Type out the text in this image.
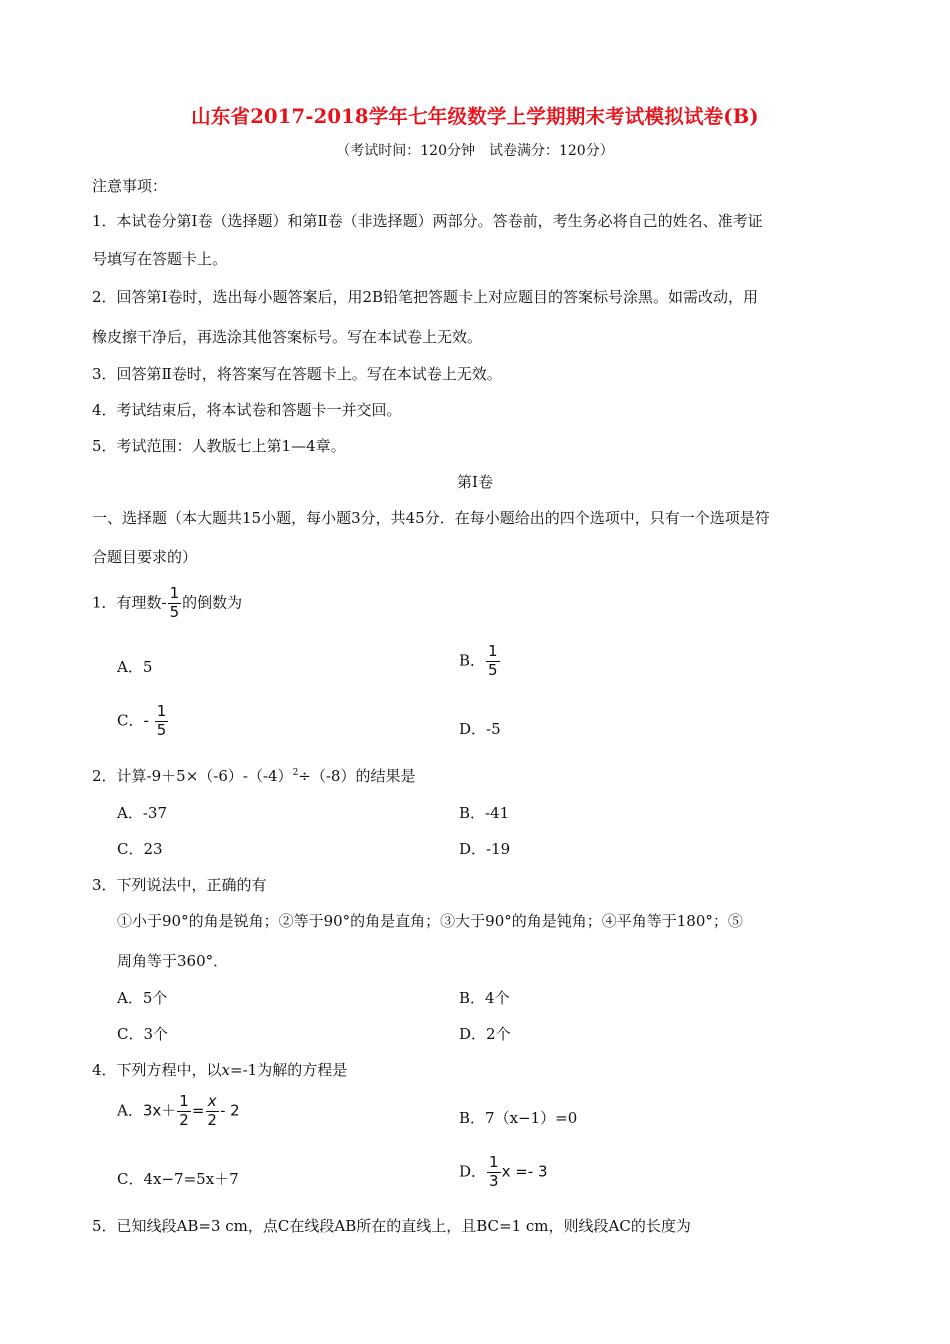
山东省2017-2018学年七年级数学上学期期末考试模拟试卷(B)
（考试时间：120分钟　试卷满分：120分）
注意事项：
1．本试卷分第Ⅰ卷（选择题）和第Ⅱ卷（非选择题）两部分。答卷前，考生务必将自己的姓名、准考证
号填写在答题卡上。
2．回答第Ⅰ卷时，选出每小题答案后，用2B铅笔把答题卡上对应题目的答案标号涂黑。如需改动，用
橡皮擦干净后，再选涂其他答案标号。写在本试卷上无效。
3．回答第Ⅱ卷时，将答案写在答题卡上。写在本试卷上无效。
4．考试结束后，将本试卷和答题卡一并交回。
5．考试范围：人教版七上第1—4章。
第Ⅰ卷
一、选择题（本大题共15小题，每小题3分，共45分．在每小题给出的四个选项中，只有一个选项是符
合题目要求的）
1．有理数- $\frac{1}{5}$ 的倒数为
A．5	B． $\frac{1}{5}$
C．- $\frac{1}{5}$	D．-5
2．计算$-9+5\times(-6)-(-4)^2\div(-8)$的结果是
A．-37	B．-41
C．23	D．-19
3．下列说法中，正确的有
①小于90°的角是锐角；②等于90°的角是直角；③大于90°的角是钝角；④平角等于180°；⑤
周角等于360°．
A．5个	B．4个
C．3个	D．2个
4．下列方程中，以x=-1为解的方程是
A．$3x+ \frac{1}{2} = \frac{x}{2} - 2$	B．7（x−1）=0
C．4x−7=5x＋7	D． $\frac{1}{3}$ x =- 3
5．已知线段AB=3 cm，点C在线段AB所在的直线上，且BC=1 cm，则线段AC的长度为
